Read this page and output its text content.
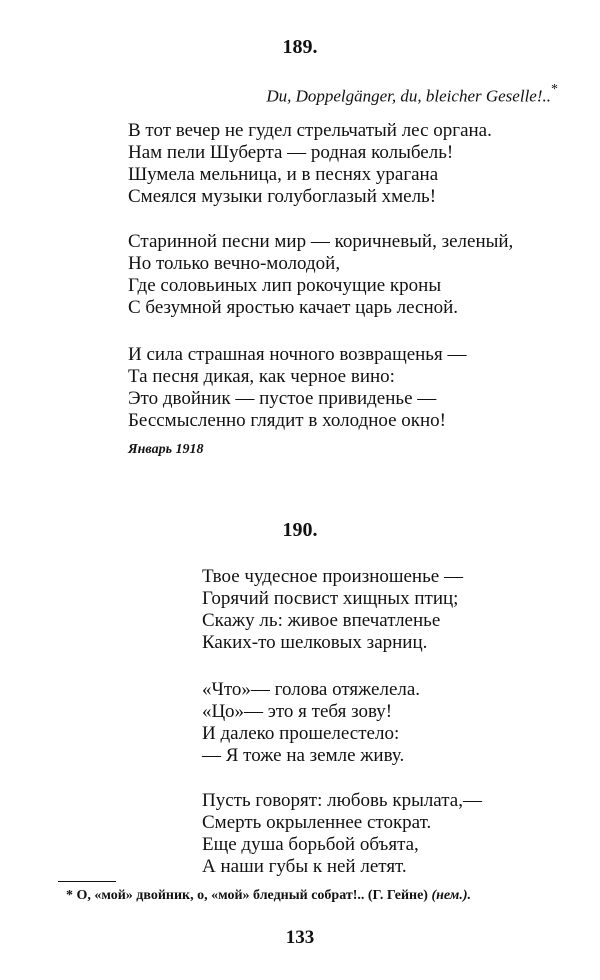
189.

Du, Doppelgänger, du, bleicher Geselle!..*

В тот вечер не гудел стрельчатый лес органа.
Нам пели Шуберта — родная колыбель!
Шумела мельница, и в песнях урагана
Смеялся музыки голубоглазый хмель!
Старинной песни мир — коричневый, зеленый,
Но только вечно-молодой,
Где соловьиных лип рокочущие кроны
С безумной яростью качает царь лесной.
И сила страшная ночного возвращенья —
Та песня дикая, как черное вино:
Это двойник — пустое привиденье —
Бессмысленно глядит в холодное окно!

Январь 1918

190.
Твое чудесное произношенье —
Горячий посвист хищных птиц;
Скажу ль: живое впечатленье
Каких-то шелковых зарниц.
«Что»— голова отяжелела.
«Цо»— это я тебя зову!
И далеко прошелестело:
— Я тоже на земле живу.
Пусть говорят: любовь крылата,—
Смерть окрыленнее стократ.
Еще душа борьбой объята,
А наши губы к ней летят.

* О, «мой» двойник, о, «мой» бледный собрат!.. (Г. Гейне) (нем.).

133
